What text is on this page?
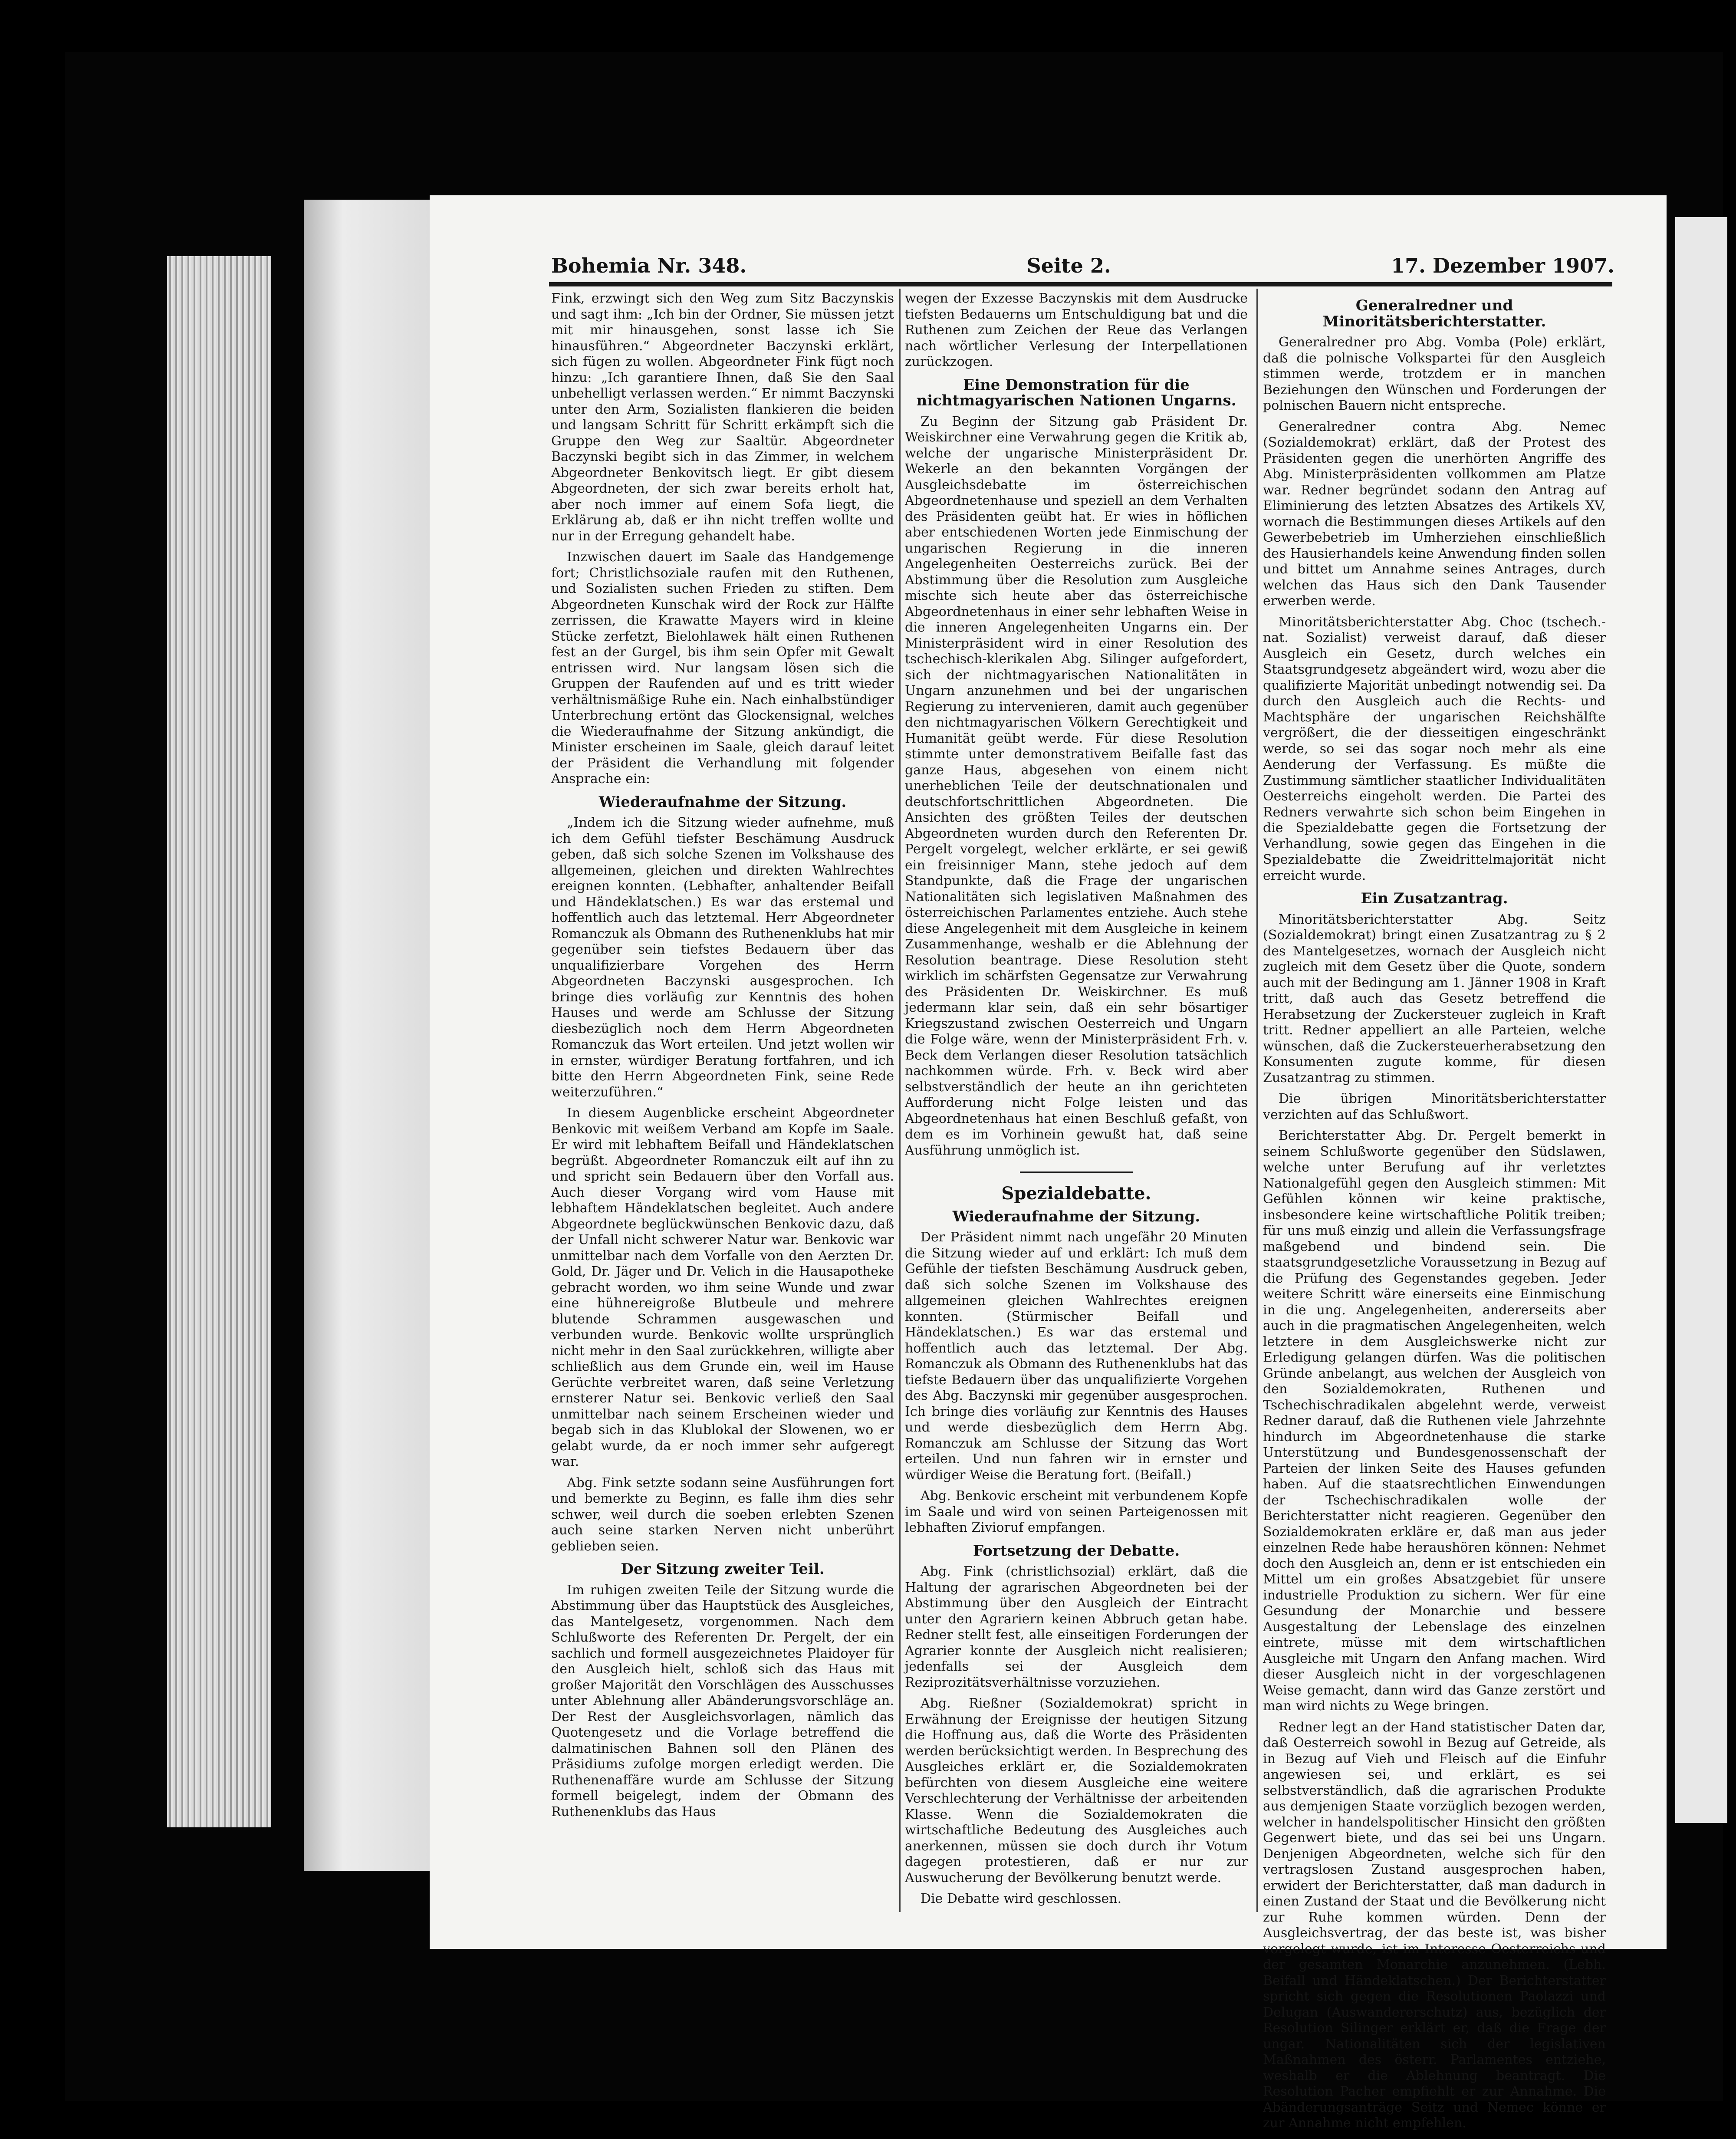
Bohemia Nr. 348.	Seite 2.	17. Dezember 1907.

Fink, erzwingt sich den Weg zum Sitz Baczynskis und sagt ihm: „Ich bin der Ordner, Sie müssen jetzt mit mir hinausgehen, sonst lasse ich Sie hinausführen.“ Abgeordneter Baczynski erklärt, sich fügen zu wollen. Abgeordneter Fink fügt noch hinzu: „Ich garantiere Ihnen, daß Sie den Saal unbehelligt verlassen werden.“ Er nimmt Baczynski unter den Arm, Sozialisten flankieren die beiden und langsam Schritt für Schritt erkämpft sich die Gruppe den Weg zur Saaltür. Abgeordneter Baczynski begibt sich in das Zimmer, in welchem Abgeordneter Benkovitsch liegt. Er gibt diesem Abgeordneten, der sich zwar bereits erholt hat, aber noch immer auf einem Sofa liegt, die Erklärung ab, daß er ihn nicht treffen wollte und nur in der Erregung gehandelt habe.

Inzwischen dauert im Saale das Handgemenge fort; Christlichsoziale raufen mit den Ruthenen, und Sozialisten suchen Frieden zu stiften. Dem Abgeordneten Kunschak wird der Rock zur Hälfte zerrissen, die Krawatte Mayers wird in kleine Stücke zerfetzt, Bielohlawek hält einen Ruthenen fest an der Gurgel, bis ihm sein Opfer mit Gewalt entrissen wird. Nur langsam lösen sich die Gruppen der Raufenden auf und es tritt wieder verhältnismäßige Ruhe ein. Nach einhalbstündiger Unterbrechung ertönt das Glockensignal, welches die Wiederaufnahme der Sitzung ankündigt, die Minister erscheinen im Saale, gleich darauf leitet der Präsident die Verhandlung mit folgender Ansprache ein:

Wiederaufnahme der Sitzung.

„Indem ich die Sitzung wieder aufnehme, muß ich dem Gefühl tiefster Beschämung Ausdruck geben, daß sich solche Szenen im Volkshause des allgemeinen, gleichen und direkten Wahlrechtes ereignen konnten. (Lebhafter, anhaltender Beifall und Händeklatschen.) Es war das erstemal und hoffentlich auch das letztemal. Herr Abgeordneter Romanczuk als Obmann des Ruthenenklubs hat mir gegenüber sein tiefstes Bedauern über das unqualifizierbare Vorgehen des Herrn Abgeordneten Baczynski ausgesprochen. Ich bringe dies vorläufig zur Kenntnis des hohen Hauses und werde am Schlusse der Sitzung diesbezüglich noch dem Herrn Abgeordneten Romanczuk das Wort erteilen. Und jetzt wollen wir in ernster, würdiger Beratung fortfahren, und ich bitte den Herrn Abgeordneten Fink, seine Rede weiterzuführen.“

In diesem Augenblicke erscheint Abgeordneter Benkovic mit weißem Verband am Kopfe im Saale. Er wird mit lebhaftem Beifall und Händeklatschen begrüßt. Abgeordneter Romanczuk eilt auf ihn zu und spricht sein Bedauern über den Vorfall aus. Auch dieser Vorgang wird vom Hause mit lebhaftem Händeklatschen begleitet. Auch andere Abgeordnete beglückwünschen Benkovic dazu, daß der Unfall nicht schwerer Natur war. Benkovic war unmittelbar nach dem Vorfalle von den Aerzten Dr. Gold, Dr. Jäger und Dr. Velich in die Hausapotheke gebracht worden, wo ihm seine Wunde und zwar eine hühnereigroße Blutbeule und mehrere blutende Schrammen ausgewaschen und verbunden wurde. Benkovic wollte ursprünglich nicht mehr in den Saal zurückkehren, willigte aber schließlich aus dem Grunde ein, weil im Hause Gerüchte verbreitet waren, daß seine Verletzung ernsterer Natur sei. Benkovic verließ den Saal unmittelbar nach seinem Erscheinen wieder und begab sich in das Klublokal der Slowenen, wo er gelabt wurde, da er noch immer sehr aufgeregt war.

Abg. Fink setzte sodann seine Ausführungen fort und bemerkte zu Beginn, es falle ihm dies sehr schwer, weil durch die soeben erlebten Szenen auch seine starken Nerven nicht unberührt geblieben seien.

Der Sitzung zweiter Teil.

Im ruhigen zweiten Teile der Sitzung wurde die Abstimmung über das Hauptstück des Ausgleiches, das Mantelgesetz, vorgenommen. Nach dem Schlußworte des Referenten Dr. Pergelt, der ein sachlich und formell ausgezeichnetes Plaidoyer für den Ausgleich hielt, schloß sich das Haus mit großer Majorität den Vorschlägen des Ausschusses unter Ablehnung aller Abänderungsvorschläge an. Der Rest der Ausgleichsvorlagen, nämlich das Quotengesetz und die Vorlage betreffend die dalmatinischen Bahnen soll den Plänen des Präsidiums zufolge morgen erledigt werden. Die Ruthenenaffäre wurde am Schlusse der Sitzung formell beigelegt, indem der Obmann des Ruthenenklubs das Haus

wegen der Exzesse Baczynskis mit dem Ausdrucke tiefsten Bedauerns um Entschuldigung bat und die Ruthenen zum Zeichen der Reue das Verlangen nach wörtlicher Verlesung der Interpellationen zurückzogen.

Eine Demonstration für die nichtmagyarischen Nationen Ungarns.

Zu Beginn der Sitzung gab Präsident Dr. Weiskirchner eine Verwahrung gegen die Kritik ab, welche der ungarische Ministerpräsident Dr. Wekerle an den bekannten Vorgängen der Ausgleichsdebatte im österreichischen Abgeordnetenhause und speziell an dem Verhalten des Präsidenten geübt hat. Er wies in höflichen aber entschiedenen Worten jede Einmischung der ungarischen Regierung in die inneren Angelegenheiten Oesterreichs zurück. Bei der Abstimmung über die Resolution zum Ausgleiche mischte sich heute aber das österreichische Abgeordnetenhaus in einer sehr lebhaften Weise in die inneren Angelegenheiten Ungarns ein. Der Ministerpräsident wird in einer Resolution des tschechisch-klerikalen Abg. Silinger aufgefordert, sich der nichtmagyarischen Nationalitäten in Ungarn anzunehmen und bei der ungarischen Regierung zu intervenieren, damit auch gegenüber den nichtmagyarischen Völkern Gerechtigkeit und Humanität geübt werde. Für diese Resolution stimmte unter demonstrativem Beifalle fast das ganze Haus, abgesehen von einem nicht unerheblichen Teile der deutschnationalen und deutschfortschrittlichen Abgeordneten. Die Ansichten des größten Teiles der deutschen Abgeordneten wurden durch den Referenten Dr. Pergelt vorgelegt, welcher erklärte, er sei gewiß ein freisinniger Mann, stehe jedoch auf dem Standpunkte, daß die Frage der ungarischen Nationalitäten sich legislativen Maßnahmen des österreichischen Parlamentes entziehe. Auch stehe diese Angelegenheit mit dem Ausgleiche in keinem Zusammenhange, weshalb er die Ablehnung der Resolution beantrage. Diese Resolution steht wirklich im schärfsten Gegensatze zur Verwahrung des Präsidenten Dr. Weiskirchner. Es muß jedermann klar sein, daß ein sehr bösartiger Kriegszustand zwischen Oesterreich und Ungarn die Folge wäre, wenn der Ministerpräsident Frh. v. Beck dem Verlangen dieser Resolution tatsächlich nachkommen würde. Frh. v. Beck wird aber selbstverständlich der heute an ihn gerichteten Aufforderung nicht Folge leisten und das Abgeordnetenhaus hat einen Beschluß gefaßt, von dem es im Vorhinein gewußt hat, daß seine Ausführung unmöglich ist.

Spezialdebatte.
Wiederaufnahme der Sitzung.

Der Präsident nimmt nach ungefähr 20 Minuten die Sitzung wieder auf und erklärt: Ich muß dem Gefühle der tiefsten Beschämung Ausdruck geben, daß sich solche Szenen im Volkshause des allgemeinen gleichen Wahlrechtes ereignen konnten. (Stürmischer Beifall und Händeklatschen.) Es war das erstemal und hoffentlich auch das letztemal. Der Abg. Romanczuk als Obmann des Ruthenenklubs hat das tiefste Bedauern über das unqualifizierte Vorgehen des Abg. Baczynski mir gegenüber ausgesprochen. Ich bringe dies vorläufig zur Kenntnis des Hauses und werde diesbezüglich dem Herrn Abg. Romanczuk am Schlusse der Sitzung das Wort erteilen. Und nun fahren wir in ernster und würdiger Weise die Beratung fort. (Beifall.)

Abg. Benkovic erscheint mit verbundenem Kopfe im Saale und wird von seinen Parteigenossen mit lebhaften Zivioruf empfangen.

Fortsetzung der Debatte.

Abg. Fink (christlichsozial) erklärt, daß die Haltung der agrarischen Abgeordneten bei der Abstimmung über den Ausgleich der Eintracht unter den Agrariern keinen Abbruch getan habe. Redner stellt fest, alle einseitigen Forderungen der Agrarier konnte der Ausgleich nicht realisieren; jedenfalls sei der Ausgleich dem Reziprozitätsverhältnisse vorzuziehen.

Abg. Rießner (Sozialdemokrat) spricht in Erwähnung der Ereignisse der heutigen Sitzung die Hoffnung aus, daß die Worte des Präsidenten werden berücksichtigt werden. In Besprechung des Ausgleiches erklärt er, die Sozialdemokraten befürchten von diesem Ausgleiche eine weitere Verschlechterung der Verhältnisse der arbeitenden Klasse. Wenn die Sozialdemokraten die wirtschaftliche Bedeutung des Ausgleiches auch anerkennen, müssen sie doch durch ihr Votum dagegen protestieren, daß er nur zur Auswucherung der Bevölkerung benutzt werde.

Die Debatte wird geschlossen.

Generalredner und Minoritätsberichterstatter.

Generalredner pro Abg. Vomba (Pole) erklärt, daß die polnische Volkspartei für den Ausgleich stimmen werde, trotzdem er in manchen Beziehungen den Wünschen und Forderungen der polnischen Bauern nicht entspreche.

Generalredner contra Abg. Nemec (Sozialdemokrat) erklärt, daß der Protest des Präsidenten gegen die unerhörten Angriffe des Abg. Ministerpräsidenten vollkommen am Platze war. Redner begründet sodann den Antrag auf Eliminierung des letzten Absatzes des Artikels XV, wornach die Bestimmungen dieses Artikels auf den Gewerbebetrieb im Umherziehen einschließlich des Hausierhandels keine Anwendung finden sollen und bittet um Annahme seines Antrages, durch welchen das Haus sich den Dank Tausender erwerben werde.

Minoritätsberichterstatter Abg. Choc (tschech.-nat. Sozialist) verweist darauf, daß dieser Ausgleich ein Gesetz, durch welches ein Staatsgrundgesetz abgeändert wird, wozu aber die qualifizierte Majorität unbedingt notwendig sei. Da durch den Ausgleich auch die Rechts- und Machtsphäre der ungarischen Reichshälfte vergrößert, die der diesseitigen eingeschränkt werde, so sei das sogar noch mehr als eine Aenderung der Verfassung. Es müßte die Zustimmung sämtlicher staatlicher Individualitäten Oesterreichs eingeholt werden. Die Partei des Redners verwahrte sich schon beim Eingehen in die Spezialdebatte gegen die Fortsetzung der Verhandlung, sowie gegen das Eingehen in die Spezialdebatte die Zweidrittelmajorität nicht erreicht wurde.

Ein Zusatzantrag.

Minoritätsberichterstatter Abg. Seitz (Sozialdemokrat) bringt einen Zusatzantrag zu § 2 des Mantelgesetzes, wornach der Ausgleich nicht zugleich mit dem Gesetz über die Quote, sondern auch mit der Bedingung am 1. Jänner 1908 in Kraft tritt, daß auch das Gesetz betreffend die Herabsetzung der Zuckersteuer zugleich in Kraft tritt. Redner appelliert an alle Parteien, welche wünschen, daß die Zuckersteuerherabsetzung den Konsumenten zugute komme, für diesen Zusatzantrag zu stimmen.

Die übrigen Minoritätsberichterstatter verzichten auf das Schlußwort.

Berichterstatter Abg. Dr. Pergelt bemerkt in seinem Schlußworte gegenüber den Südslawen, welche unter Berufung auf ihr verletztes Nationalgefühl gegen den Ausgleich stimmen: Mit Gefühlen können wir keine praktische, insbesondere keine wirtschaftliche Politik treiben; für uns muß einzig und allein die Verfassungsfrage maßgebend und bindend sein. Die staatsgrundgesetzliche Voraussetzung in Bezug auf die Prüfung des Gegenstandes gegeben. Jeder weitere Schritt wäre einerseits eine Einmischung in die ung. Angelegenheiten, andererseits aber auch in die pragmatischen Angelegenheiten, welch letztere in dem Ausgleichswerke nicht zur Erledigung gelangen dürfen. Was die politischen Gründe anbelangt, aus welchen der Ausgleich von den Sozialdemokraten, Ruthenen und Tschechischradikalen abgelehnt werde, verweist Redner darauf, daß die Ruthenen viele Jahrzehnte hindurch im Abgeordnetenhause die starke Unterstützung und Bundesgenossenschaft der Parteien der linken Seite des Hauses gefunden haben. Auf die staatsrechtlichen Einwendungen der Tschechischradikalen wolle der Berichterstatter nicht reagieren. Gegenüber den Sozialdemokraten erkläre er, daß man aus jeder einzelnen Rede habe heraushören können: Nehmet doch den Ausgleich an, denn er ist entschieden ein Mittel um ein großes Absatzgebiet für unsere industrielle Produktion zu sichern. Wer für eine Gesundung der Monarchie und bessere Ausgestaltung der Lebenslage des einzelnen eintrete, müsse mit dem wirtschaftlichen Ausgleiche mit Ungarn den Anfang machen. Wird dieser Ausgleich nicht in der vorgeschlagenen Weise gemacht, dann wird das Ganze zerstört und man wird nichts zu Wege bringen.

Redner legt an der Hand statistischer Daten dar, daß Oesterreich sowohl in Bezug auf Getreide, als in Bezug auf Vieh und Fleisch auf die Einfuhr angewiesen sei, und erklärt, es sei selbstverständlich, daß die agrarischen Produkte aus demjenigen Staate vorzüglich bezogen werden, welcher in handelspolitischer Hinsicht den größten Gegenwert biete, und das sei bei uns Ungarn. Denjenigen Abgeordneten, welche sich für den vertragslosen Zustand ausgesprochen haben, erwidert der Berichterstatter, daß man dadurch in einen Zustand der Staat und die Bevölkerung nicht zur Ruhe kommen würden. Denn der Ausgleichsvertrag, der das beste ist, was bisher vorgelegt wurde, ist im Interesse Oesterreichs und der gesamten Monarchie anzunehmen. (Lebh. Beifall und Händeklatschen.) Der Berichterstatter spricht sich gegen die Resolutionen Paolazzi und Delugan (Auswandererschutz) aus, bezüglich der Resolution Silinger erklärt er, daß die Frage der ungar. Nationalitäten sich der legislativen Maßnahmen des österr. Parlamentes entziehe, weshalb er die Ablehnung beantragt. Die Resolution Pacher empfiehlt er zur Annahme. Die Abänderungsanträge Seitz und Nemec könne er zur Annahme nicht empfehlen.
